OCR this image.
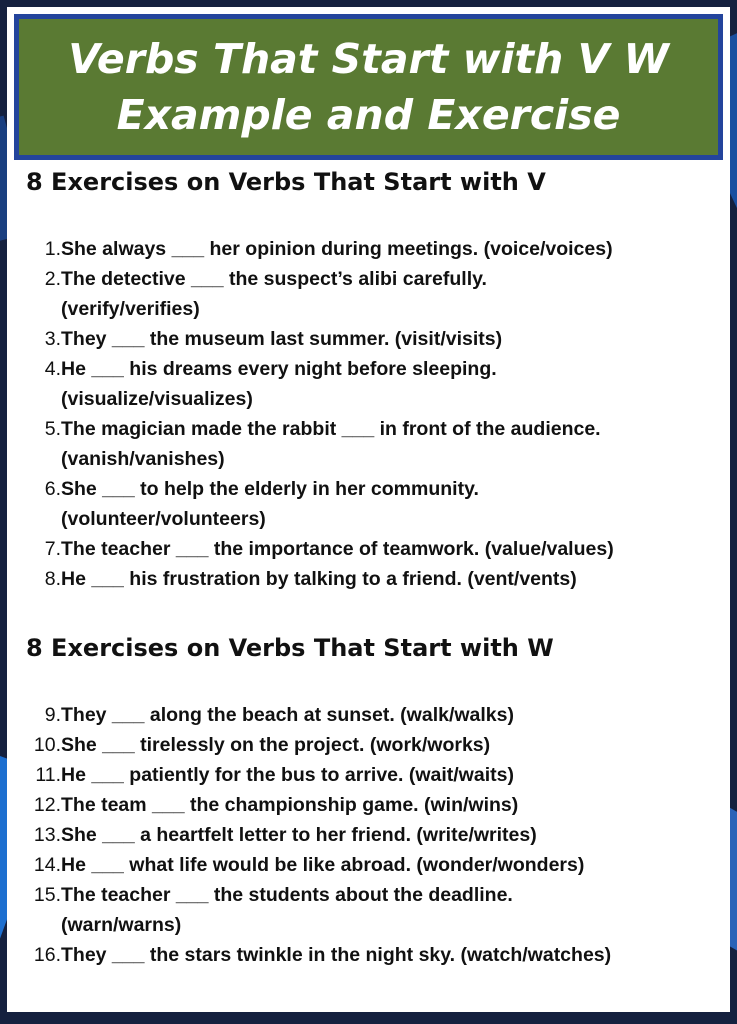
Verbs That Start with V W
Example and Exercise
8 Exercises on Verbs That Start with V
1. She always ___ her opinion during meetings. (voice/voices)
2. The detective ___ the suspect’s alibi carefully.
(verify/verifies)
3. They ___ the museum last summer. (visit/visits)
4. He ___ his dreams every night before sleeping.
(visualize/visualizes)
5. The magician made the rabbit ___ in front of the audience.
(vanish/vanishes)
6. She ___ to help the elderly in her community.
(volunteer/volunteers)
7. The teacher ___ the importance of teamwork. (value/values)
8. He ___ his frustration by talking to a friend. (vent/vents)
8 Exercises on Verbs That Start with W
9. They ___ along the beach at sunset. (walk/walks)
10. She ___ tirelessly on the project. (work/works)
11. He ___ patiently for the bus to arrive. (wait/waits)
12. The team ___ the championship game. (win/wins)
13. She ___ a heartfelt letter to her friend. (write/writes)
14. He ___ what life would be like abroad. (wonder/wonders)
15. The teacher ___ the students about the deadline.
(warn/warns)
16. They ___ the stars twinkle in the night sky. (watch/watches)
